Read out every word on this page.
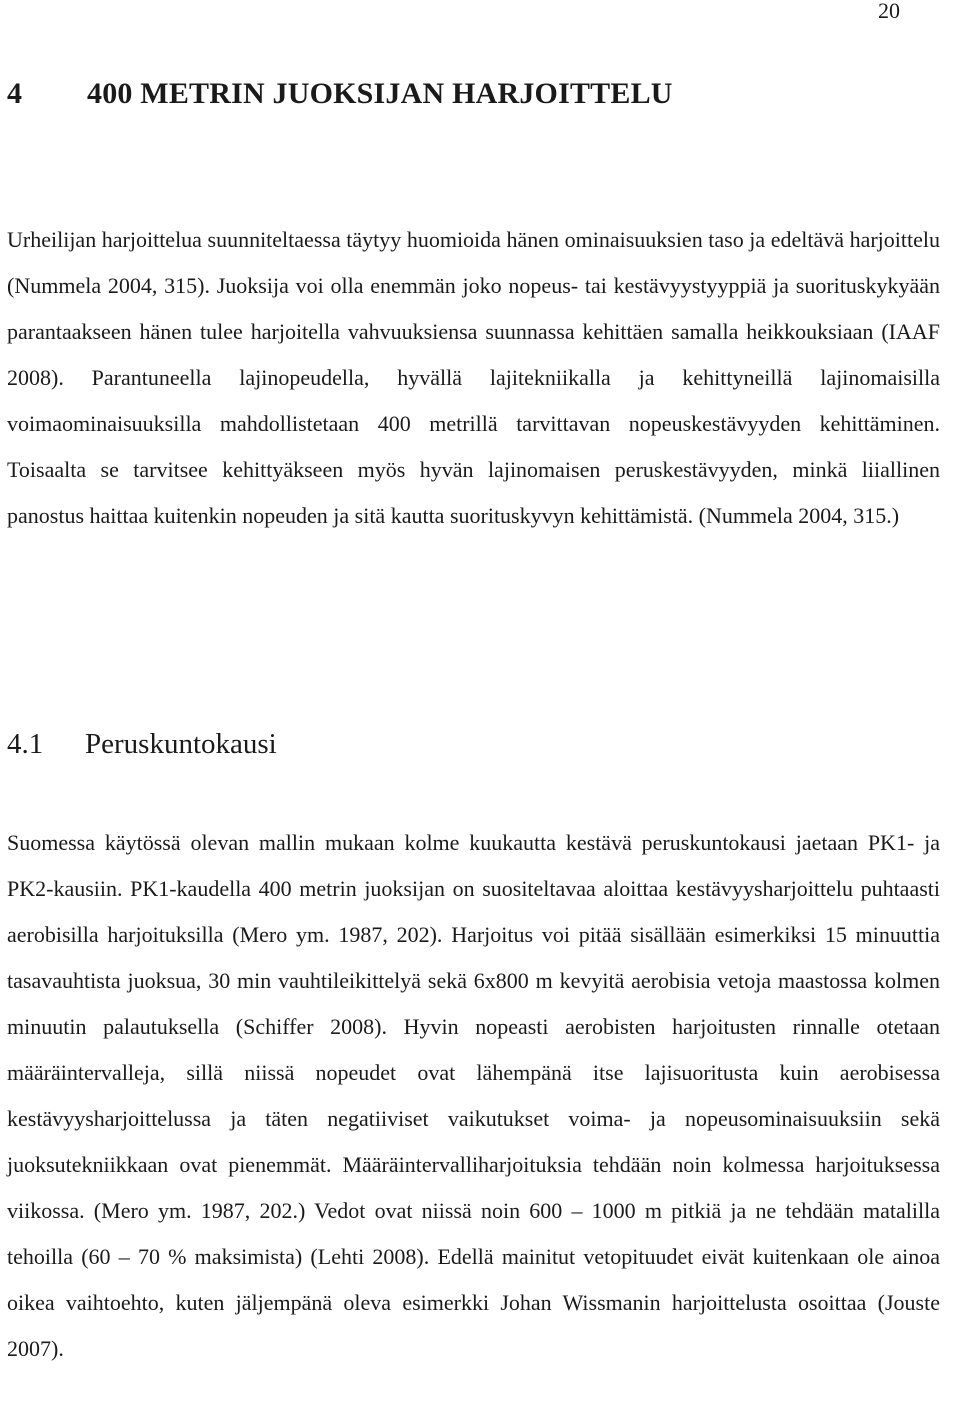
20
4 400 METRIN JUOKSIJAN HARJOITTELU

Urheilijan harjoittelua suunniteltaessa täytyy huomioida hänen ominaisuuksien taso ja edeltävä harjoittelu (Nummela 2004, 315). Juoksija voi olla enemmän joko nopeus- tai kestävyystyyppiä ja suorituskykyään parantaakseen hänen tulee harjoitella vahvuuksiensa suunnassa kehittäen samalla heikkouksiaan (IAAF 2008). Parantuneella lajinopeudella, hyvällä lajitekniikalla ja kehittyneillä lajinomaisilla voimaominaisuuksilla mahdollistetaan 400 metrillä tarvittavan nopeuskestävyyden kehittäminen. Toisaalta se tarvitsee kehittyäkseen myös hyvän lajinomaisen peruskestävyyden, minkä liiallinen panostus haittaa kuitenkin nopeuden ja sitä kautta suorituskyvyn kehittämistä. (Nummela 2004, 315.)

4.1 Peruskuntokausi

Suomessa käytössä olevan mallin mukaan kolme kuukautta kestävä peruskuntokausi jaetaan PK1- ja PK2-kausiin. PK1-kaudella 400 metrin juoksijan on suositeltavaa aloittaa kestävyysharjoittelu puhtaasti aerobisilla harjoituksilla (Mero ym. 1987, 202). Harjoitus voi pitää sisällään esimerkiksi 15 minuuttia tasavauhtista juoksua, 30 min vauhtileikittelyä sekä 6x800 m kevyitä aerobisia vetoja maastossa kolmen minuutin palautuksella (Schiffer 2008). Hyvin nopeasti aerobisten harjoitusten rinnalle otetaan määräintervalleja, sillä niissä nopeudet ovat lähempänä itse lajisuoritusta kuin aerobisessa kestävyysharjoittelussa ja täten negatiiviset vaikutukset voima- ja nopeusominaisuuksiin sekä juoksutekniikkaan ovat pienemmät. Määräintervalliharjoituksia tehdään noin kolmessa harjoituksessa viikossa. (Mero ym. 1987, 202.) Vedot ovat niissä noin 600 – 1000 m pitkiä ja ne tehdään matalilla tehoilla (60 – 70 % maksimista) (Lehti 2008). Edellä mainitut vetopituudet eivät kuitenkaan ole ainoa oikea vaihtoehto, kuten jäljempänä oleva esimerkki Johan Wissmanin harjoittelusta osoittaa (Jouste 2007).
